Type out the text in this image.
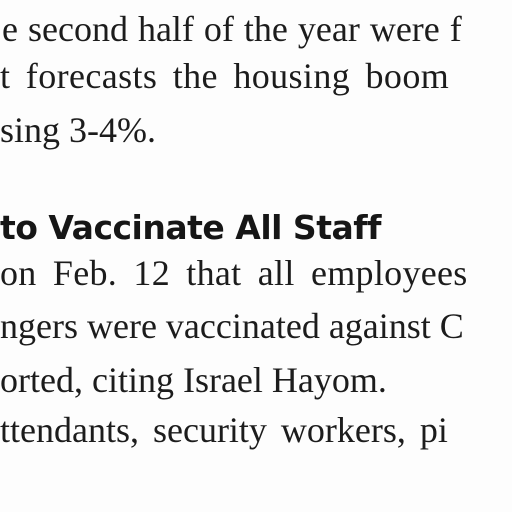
e second half of the year were f
t forecasts the housing boom
sing 3-4%.
to Vaccinate All Staff
on Feb. 12 that all employees
ngers were vaccinated against C
orted, citing Israel Hayom.
ttendants, security workers, pi
